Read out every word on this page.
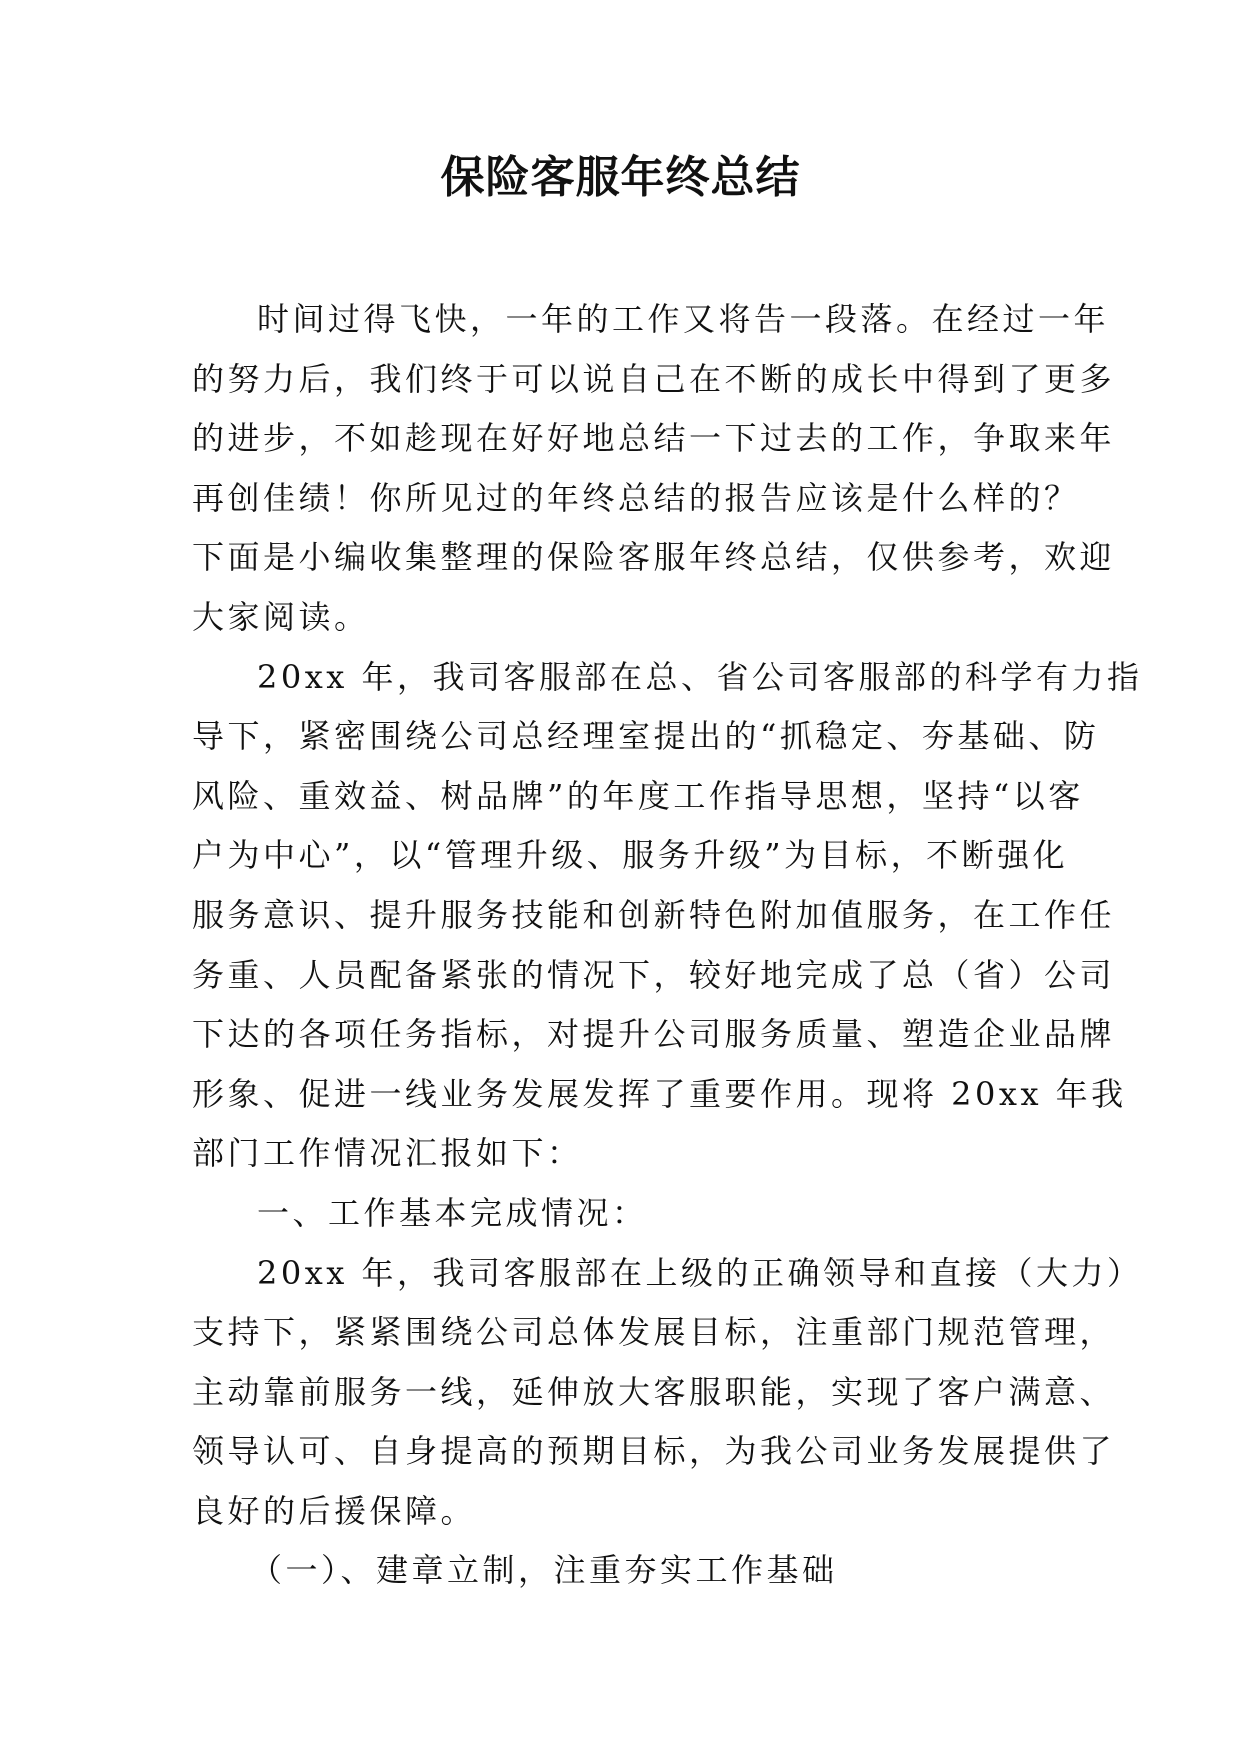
保险客服年终总结
时间过得飞快，一年的工作又将告一段落。在经过一年
的努力后，我们终于可以说自己在不断的成长中得到了更多
的进步，不如趁现在好好地总结一下过去的工作，争取来年
再创佳绩！你所见过的年终总结的报告应该是什么样的？
下面是小编收集整理的保险客服年终总结，仅供参考，欢迎
大家阅读。
20xx 年，我司客服部在总、省公司客服部的科学有力指
导下，紧密围绕公司总经理室提出的“抓稳定、夯基础、防
风险、重效益、树品牌”的年度工作指导思想，坚持“以客
户为中心”，以“管理升级、服务升级”为目标，不断强化
服务意识、提升服务技能和创新特色附加值服务，在工作任
务重、人员配备紧张的情况下，较好地完成了总（省）公司
下达的各项任务指标，对提升公司服务质量、塑造企业品牌
形象、促进一线业务发展发挥了重要作用。现将 20xx 年我
部门工作情况汇报如下：
一、工作基本完成情况：
20xx 年，我司客服部在上级的正确领导和直接（大力）
支持下，紧紧围绕公司总体发展目标，注重部门规范管理，
主动靠前服务一线，延伸放大客服职能，实现了客户满意、
领导认可、自身提高的预期目标，为我公司业务发展提供了
良好的后援保障。
（一）、建章立制，注重夯实工作基础
